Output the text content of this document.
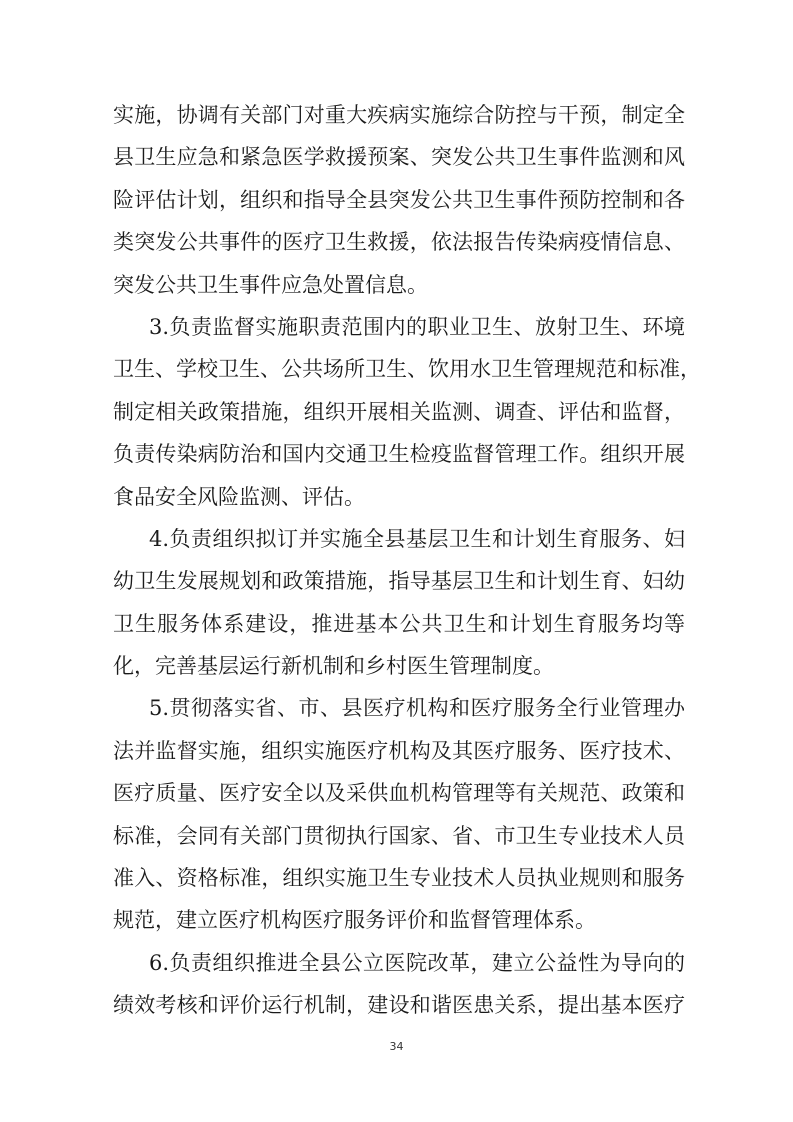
实施，协调有关部门对重大疾病实施综合防控与干预，制定全
县卫生应急和紧急医学救援预案、突发公共卫生事件监测和风
险评估计划，组织和指导全县突发公共卫生事件预防控制和各
类突发公共事件的医疗卫生救援，依法报告传染病疫情信息、
突发公共卫生事件应急处置信息。
3.负责监督实施职责范围内的职业卫生、放射卫生、环境
卫生、学校卫生、公共场所卫生、饮用水卫生管理规范和标准，
制定相关政策措施，组织开展相关监测、调查、评估和监督，
负责传染病防治和国内交通卫生检疫监督管理工作。组织开展
食品安全风险监测、评估。
4.负责组织拟订并实施全县基层卫生和计划生育服务、妇
幼卫生发展规划和政策措施，指导基层卫生和计划生育、妇幼
卫生服务体系建设，推进基本公共卫生和计划生育服务均等
化，完善基层运行新机制和乡村医生管理制度。
5.贯彻落实省、市、县医疗机构和医疗服务全行业管理办
法并监督实施，组织实施医疗机构及其医疗服务、医疗技术、
医疗质量、医疗安全以及采供血机构管理等有关规范、政策和
标准，会同有关部门贯彻执行国家、省、市卫生专业技术人员
准入、资格标准，组织实施卫生专业技术人员执业规则和服务
规范，建立医疗机构医疗服务评价和监督管理体系。
6.负责组织推进全县公立医院改革，建立公益性为导向的
绩效考核和评价运行机制，建设和谐医患关系，提出基本医疗
34
